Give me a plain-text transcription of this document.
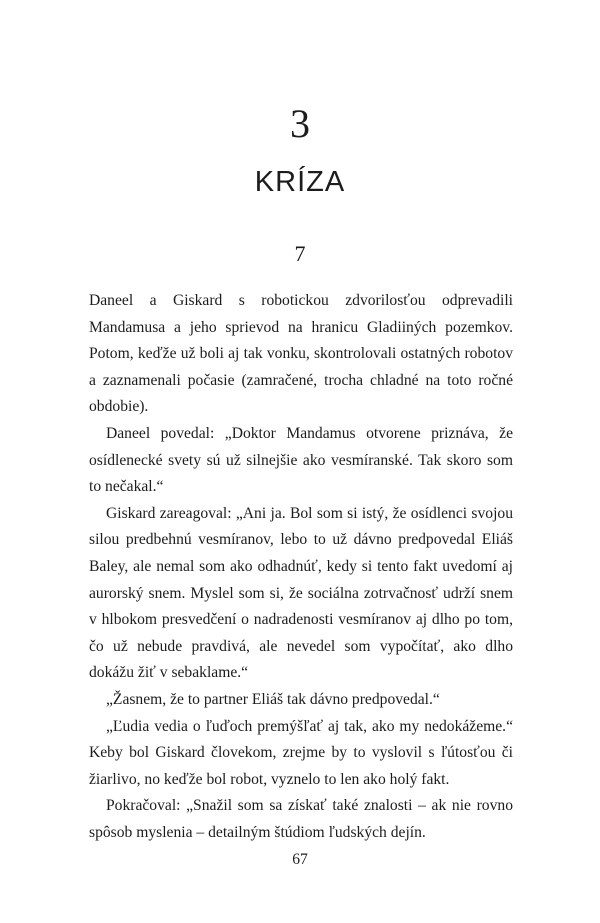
3
KRÍZA
7

Daneel a Giskard s robotickou zdvorilosťou odprevadili Mandamusa a jeho sprievod na hranicu Gladiiných pozemkov. Potom, keďže už boli aj tak vonku, skontrolovali ostatných robotov a zaznamenali počasie (zamračené, trocha chladné na toto ročné obdobie).

Daneel povedal: „Doktor Mandamus otvorene priznáva, že osídlenecké svety sú už silnejšie ako vesmíranské. Tak skoro som to nečakal.“

Giskard zareagoval: „Ani ja. Bol som si istý, že osídlenci svojou silou predbehnú vesmíranov, lebo to už dávno predpovedal Eliáš Baley, ale nemal som ako odhadnúť, kedy si tento fakt uvedomí aj aurorský snem. Myslel som si, že sociálna zotrvačnosť udrží snem v hlbokom presvedčení o nadradenosti vesmíranov aj dlho po tom, čo už nebude pravdivá, ale nevedel som vypočítať, ako dlho dokážu žiť v sebaklame.“

„Žasnem, že to partner Eliáš tak dávno predpovedal.“

„Ľudia vedia o ľuďoch premýšľať aj tak, ako my nedokážeme.“ Keby bol Giskard človekom, zrejme by to vyslovil s ľútosťou či žiarlivo, no keďže bol robot, vyznelo to len ako holý fakt.

Pokračoval: „Snažil som sa získať také znalosti – ak nie rovno spôsob myslenia – detailným štúdiom ľudských dejín.

67
